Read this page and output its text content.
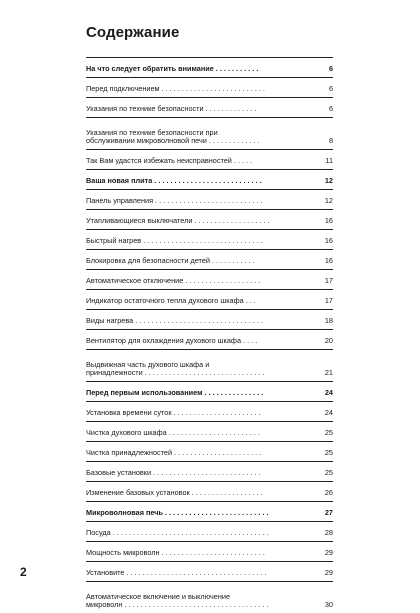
Содержание
На что следует обратить внимание . . . . . . . . . . .	6
Перед подключением . . . . . . . . . . . . . . . . . . . . . . . . . .	6
Указания по технике безопасности . . . . . . . . . . . . .	6
Указания по технике безопасности при
обслуживании микроволновой печи . . . . . . . . . . . . .	8
Так Вам удастся избежать неисправностей . . . . .	11
Ваша новая плита . . . . . . . . . . . . . . . . . . . . . . . . . . .	12
Панель управления . . . . . . . . . . . . . . . . . . . . . . . . . . .	12
Утапливающиеся выключатели . . . . . . . . . . . . . . . . . . .	16
Быстрый нагрев . . . . . . . . . . . . . . . . . . . . . . . . . . . . . .	16
Блокировка для безопасности детей . . . . . . . . . . .	16
Автоматическое отключение . . . . . . . . . . . . . . . . . . .	17
Индикатор остаточного тепла духового шкафа . . .	17
Виды нагрева . . . . . . . . . . . . . . . . . . . . . . . . . . . . . . . .	18
Вентилятор для охлаждения духового шкафа . . . .	20
Выдвижная часть духового шкафа и
принадлежности . . . . . . . . . . . . . . . . . . . . . . . . . . . . . .	21
Перед первым использованием . . . . . . . . . . . . . . .	24
Установка времени суток . . . . . . . . . . . . . . . . . . . . . .	24
Чистка духового шкафа . . . . . . . . . . . . . . . . . . . . . . .	25
Чистка принадлежностей . . . . . . . . . . . . . . . . . . . . . .	25
Базовые установки . . . . . . . . . . . . . . . . . . . . . . . . . . .	25
Изменение базовых установок . . . . . . . . . . . . . . . . . .	26
Микроволновая печь . . . . . . . . . . . . . . . . . . . . . . . . . .	27
Посуда . . . . . . . . . . . . . . . . . . . . . . . . . . . . . . . . . . . . . . .	28
Мощность микроволн . . . . . . . . . . . . . . . . . . . . . . . . . .	29
Установите . . . . . . . . . . . . . . . . . . . . . . . . . . . . . . . . . . .	29
Автоматическое включение и выключение
микроволн . . . . . . . . . . . . . . . . . . . . . . . . . . . . . . . . . . . .	30
2
